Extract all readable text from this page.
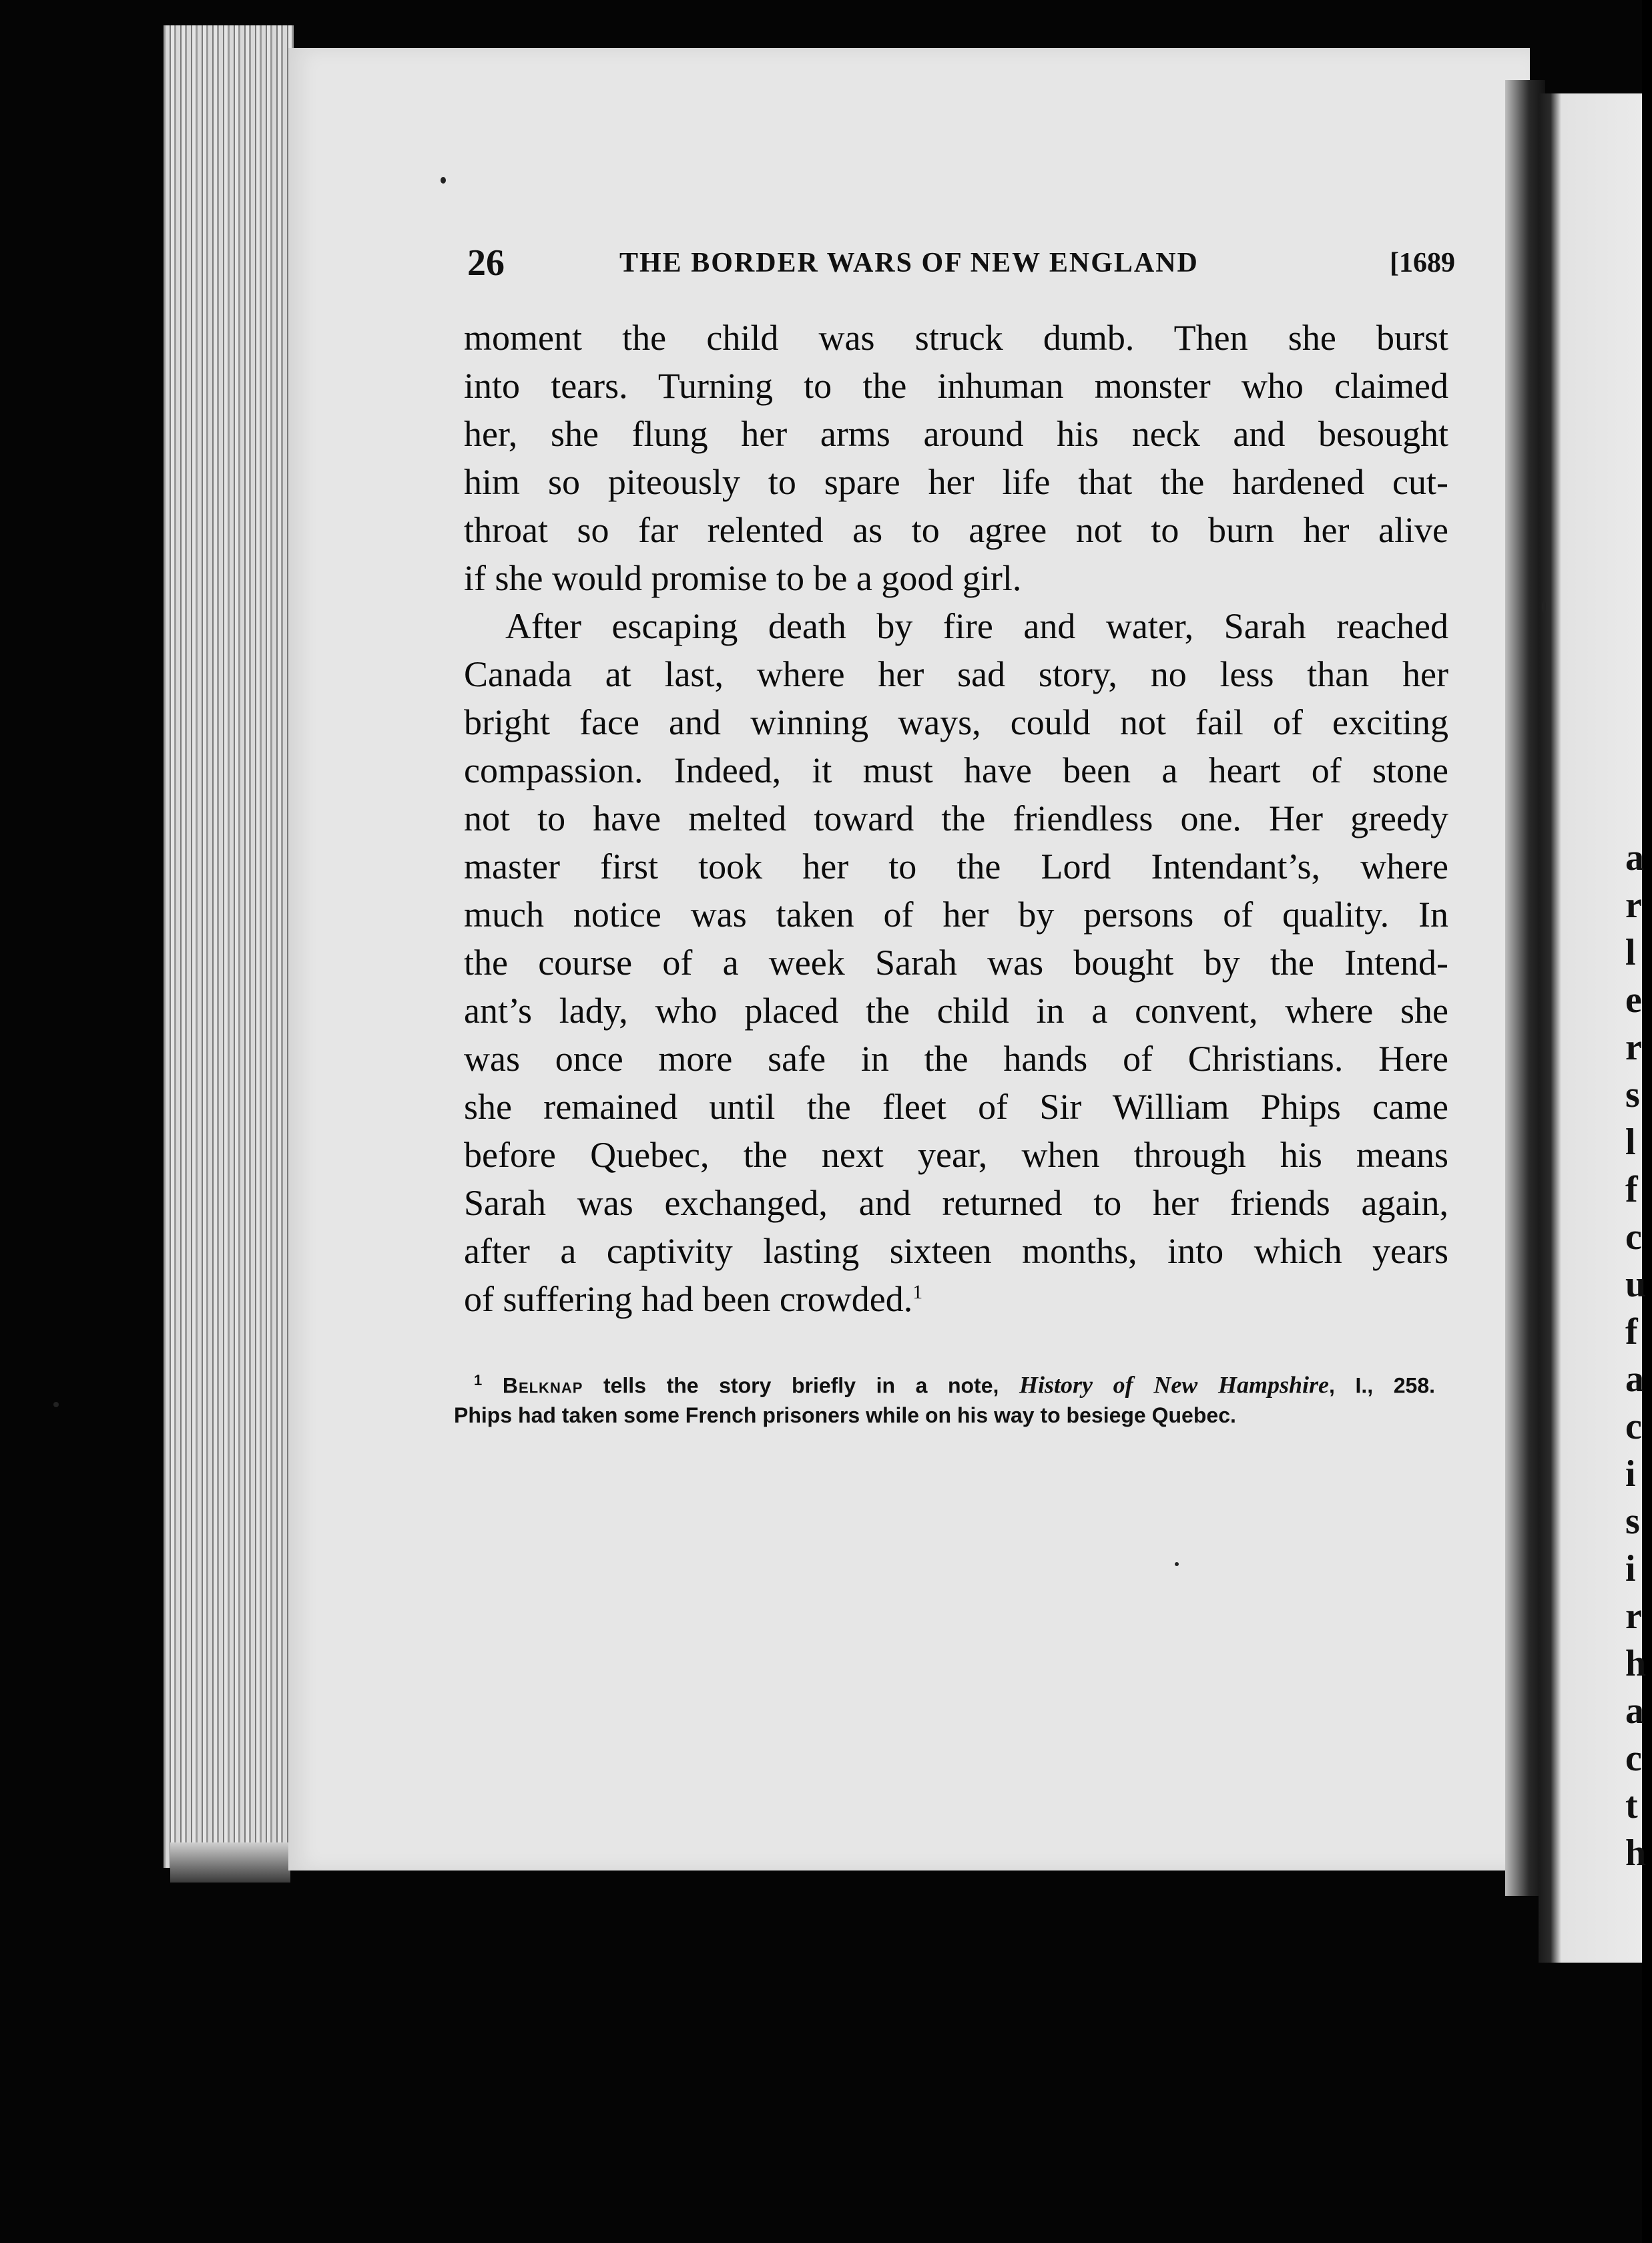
a
r
l
e
r
s
l
f
c
u
f
a
c
i
s
i
r
h
a
c
t
h
26	THE BORDER WARS OF NEW ENGLAND	[1689
moment the child was struck dumb. Then she burst
into tears. Turning to the inhuman monster who claimed
her, she flung her arms around his neck and besought
him so piteously to spare her life that the hardened cut-
throat so far relented as to agree not to burn her alive
if she would promise to be a good girl.
After escaping death by fire and water, Sarah reached
Canada at last, where her sad story, no less than her
bright face and winning ways, could not fail of exciting
compassion. Indeed, it must have been a heart of stone
not to have melted toward the friendless one. Her greedy
master first took her to the Lord Intendant’s, where
much notice was taken of her by persons of quality. In
the course of a week Sarah was bought by the Intend-
ant’s lady, who placed the child in a convent, where she
was once more safe in the hands of Christians. Here
she remained until the fleet of Sir William Phips came
before Quebec, the next year, when through his means
Sarah was exchanged, and returned to her friends again,
after a captivity lasting sixteen months, into which years
of suffering had been crowded.$^1$
$^1$ Belknap tells the story briefly in a note, History of New Hampshire, I., 258.
Phips had taken some French prisoners while on his way to besiege Quebec.
